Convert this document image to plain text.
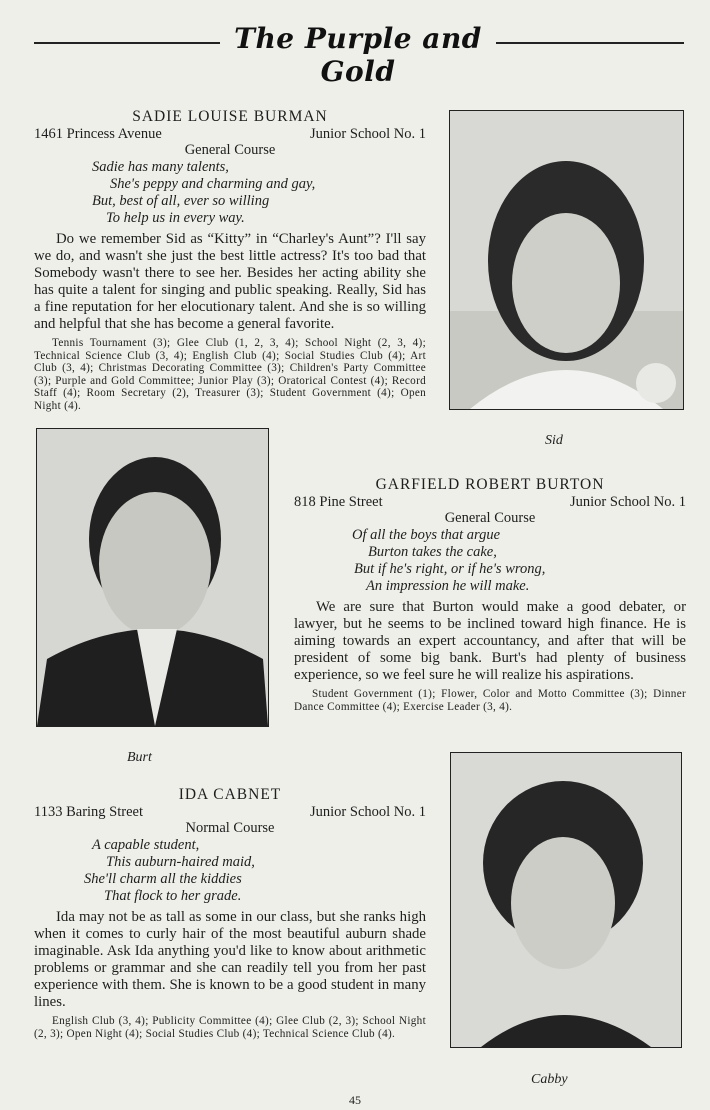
The Purple and Gold
SADIE LOUISE BURMAN
1461 Princess Avenue	Junior School No. 1
General Course
Sadie has many talents,
She's peppy and charming and gay,
But, best of all, ever so willing
To help us in every way.
Do we remember Sid as “Kitty” in “Charley's Aunt”? I'll say we do, and wasn't she just the best little actress? It's too bad that Somebody wasn't there to see her. Besides her acting ability she has quite a talent for singing and public speaking. Really, Sid has a fine reputation for her elocutionary talent. And she is so willing and helpful that she has become a general favorite.
Tennis Tournament (3); Glee Club (1, 2, 3, 4); School Night (2, 3, 4); Technical Science Club (3, 4); English Club (4); Social Studies Club (4); Art Club (3, 4); Christmas Decorating Committee (3); Children's Party Committee (3); Purple and Gold Committee; Junior Play (3); Oratorical Contest (4); Record Staff (4); Room Secretary (2), Treasurer (3); Student Government (4); Open Night (4).
Sid
GARFIELD ROBERT BURTON
818 Pine Street	Junior School No. 1
General Course
Of all the boys that argue
Burton takes the cake,
But if he's right, or if he's wrong,
An impression he will make.
We are sure that Burton would make a good debater, or lawyer, but he seems to be inclined toward high finance. He is aiming towards an expert accountancy, and after that will be president of some big bank. Burt's had plenty of business experience, so we feel sure he will realize his aspirations.
Student Government (1); Flower, Color and Motto Committee (3); Dinner Dance Committee (4); Exercise Leader (3, 4).
Burt
IDA CABNET
1133 Baring Street	Junior School No. 1
Normal Course
A capable student,
This auburn-haired maid,
She'll charm all the kiddies
That flock to her grade.
Ida may not be as tall as some in our class, but she ranks high when it comes to curly hair of the most beautiful auburn shade imaginable. Ask Ida anything you'd like to know about arithmetic problems or grammar and she can readily tell you from her past experience with them. She is known to be a good student in many lines.
English Club (3, 4); Publicity Committee (4); Glee Club (2, 3); School Night (2, 3); Open Night (4); Social Studies Club (4); Technical Science Club (4).
Cabby
45
